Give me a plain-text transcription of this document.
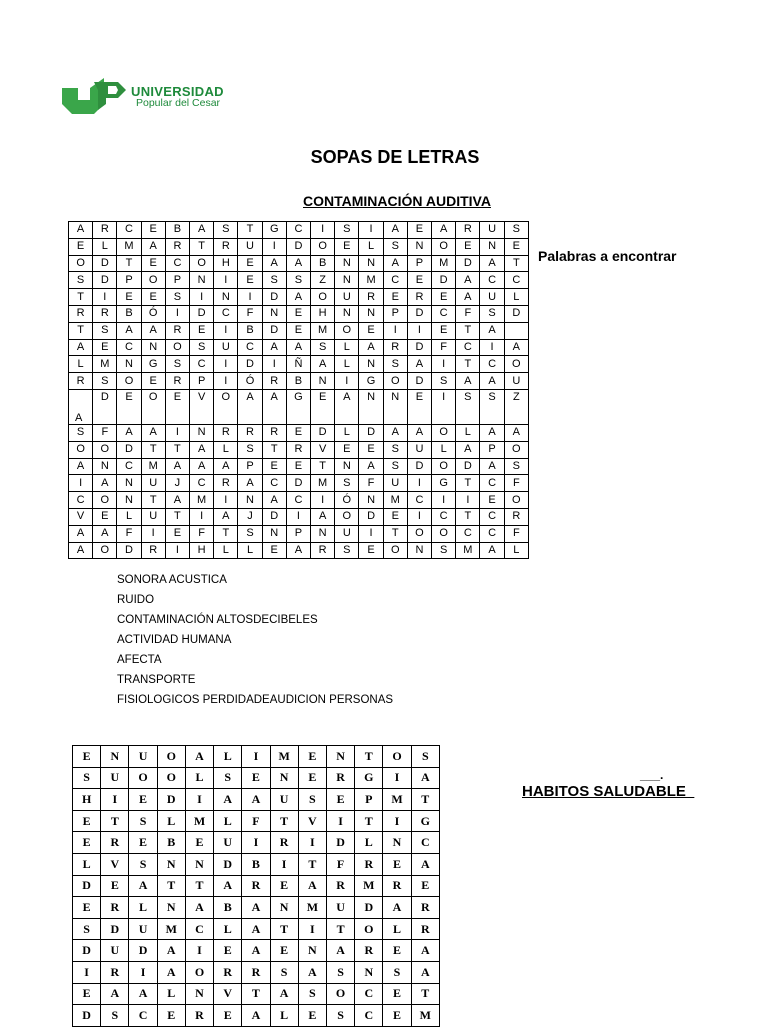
UNIVERSIDAD
Popular del Cesar
SOPAS DE LETRAS
CONTAMINACIÓN AUDITIVA
Palabras a encontrar
A	R	C	E	B	A	S	T	G	C	I	S	I	A	E	A	R	U	S
E	L	M	A	R	T	R	U	I	D	O	E	L	S	N	O	E	N	E
O	D	T	E	C	O	H	E	A	A	B	N	N	A	P	M	D	A	T
S	D	P	O	P	N	I	E	S	S	Z	N	M	C	E	D	A	C	C
T	I	E	E	S	I	N	I	D	A	O	U	R	E	R	E	A	U	L
R	R	B	Ó	I	D	C	F	N	E	H	N	N	P	D	C	F	S	D
T	S	A	A	R	E	I	B	D	E	M	O	E	I	I	E	T	A	
A	E	C	N	O	S	U	C	A	A	S	L	A	R	D	F	C	I	A
L	M	N	G	S	C	I	D	I	Ñ	A	L	N	S	A	I	T	C	O
R	S	O	E	R	P	I	Ó	R	B	N	I	G	O	D	S	A	A	U
A	D	E	O	E	V	O	A	A	G	E	A	N	N	E	I	S	S	Z
S	F	A	A	I	N	R	R	R	E	D	L	D	A	A	O	L	A	A
O	O	D	T	T	A	L	S	T	R	V	E	E	S	U	L	A	P	O
A	N	C	M	A	A	A	P	E	E	T	N	A	S	D	O	D	A	S
I	A	N	U	J	C	R	A	C	D	M	S	F	U	I	G	T	C	F
C	O	N	T	A	M	I	N	A	C	I	Ó	N	M	C	I	I	E	O
V	E	L	U	T	I	A	J	D	I	A	O	D	E	I	C	T	C	R
A	A	F	I	E	F	T	S	N	P	N	U	I	T	O	O	C	C	F
A	O	D	R	I	H	L	L	E	A	R	S	E	O	N	S	M	A	L
SONORA ACUSTICA
RUIDO
CONTAMINACIÓN ALTOSDECIBELES
ACTIVIDAD HUMANA
AFECTA
TRANSPORTE
FISIOLOGICOS PERDIDADEAUDICION PERSONAS
E	N	U	O	A	L	I	M	E	N	T	O	S
S	U	O	O	L	S	E	N	E	R	G	I	A
H	I	E	D	I	A	A	U	S	E	P	M	T
E	T	S	L	M	L	F	T	V	I	T	I	G
E	R	E	B	E	U	I	R	I	D	L	N	C
L	V	S	N	N	D	B	I	T	F	R	E	A
D	E	A	T	T	A	R	E	A	R	M	R	E
E	R	L	N	A	B	A	N	M	U	D	A	R
S	D	U	M	C	L	A	T	I	T	O	L	R
D	U	D	A	I	E	A	E	N	A	R	E	A
I	R	I	A	O	R	R	S	A	S	N	S	A
E	A	A	L	N	V	T	A	S	O	C	E	T
D	S	C	E	R	E	A	L	E	S	C	E	M
___.
HABITOS SALUDABLE_
